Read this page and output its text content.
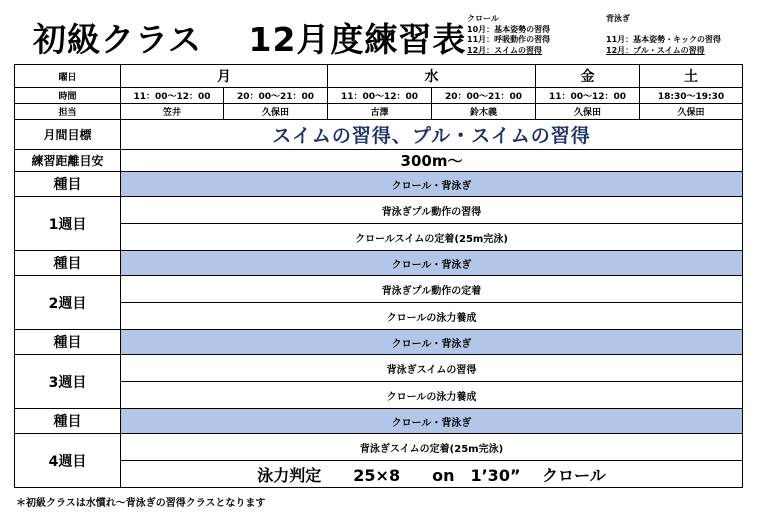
初級クラス　 12月度練習表
クロール
10月：基本姿勢の習得
11月：呼吸動作の習得
12月：スイムの習得
背泳ぎ
11月：基本姿勢・キックの習得
12月：プル・スイムの習得
曜日	月		水		金	土
時間	11：00～12：00	20：00～21：00	11：00～12：00	20：00～21：00	11：00～12：00	18:30～19:30
担当	笠井	久保田	古澤	鈴木義	久保田	久保田
月間目標	スイムの習得、プル・スイムの習得					
練習距離目安	300m～					
種目	クロール・背泳ぎ					
1週目	背泳ぎプル動作の習得					
	クロールスイムの定着(25m完泳)					
種目	クロール・背泳ぎ					
2週目	背泳ぎプル動作の定着					
	クロールの泳力養成					
種目	クロール・背泳ぎ					
3週目	背泳ぎスイムの習得					
	クロールの泳力養成					
種目	クロール・背泳ぎ					
4週目	背泳ぎスイムの定着(25m完泳)					
	泳力判定　　25×8　　on　1’30”　 クロール					
＊初級クラスは水慣れ～背泳ぎの習得クラスとなります
